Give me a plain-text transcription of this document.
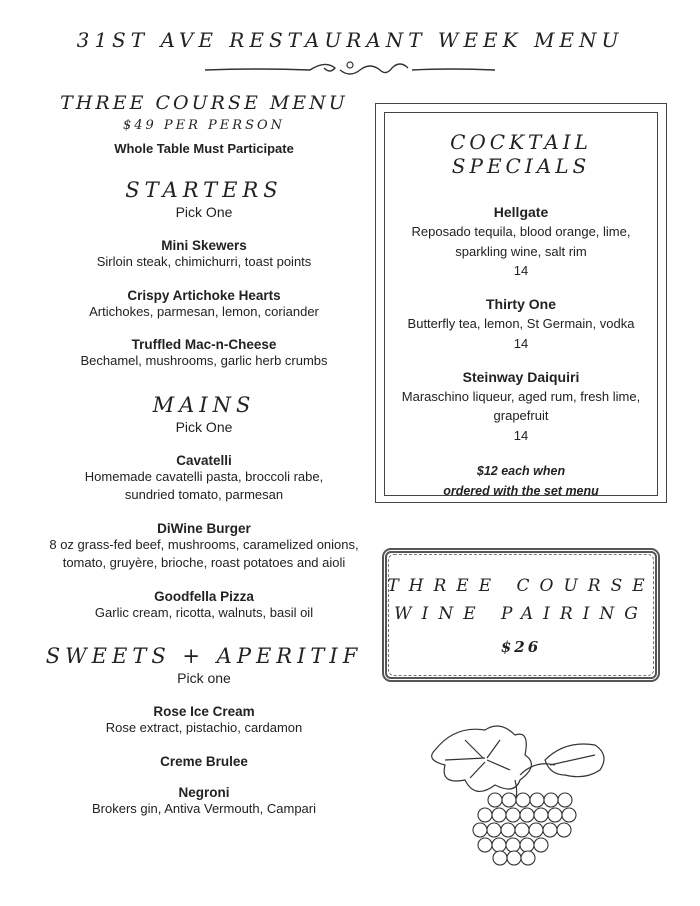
31ST AVE RESTAURANT WEEK MENU
THREE COURSE MENU
$49 PER PERSON
Whole Table Must Participate
STARTERS
Pick One
Mini Skewers
Sirloin steak, chimichurri, toast points
Crispy Artichoke Hearts
Artichokes, parmesan, lemon, coriander
Truffled Mac-n-Cheese
Bechamel, mushrooms, garlic herb crumbs
MAINS
Pick One
Cavatelli
Homemade cavatelli pasta, broccoli rabe,
sundried tomato, parmesan
DiWine Burger
8 oz grass-fed beef, mushrooms, caramelized onions,
tomato, gruyère, brioche, roast potatoes and aioli
Goodfella Pizza
Garlic cream, ricotta, walnuts, basil oil
SWEETS + APERITIF
Pick one
Rose Ice Cream
Rose extract, pistachio, cardamon
Creme Brulee
Negroni
Brokers gin, Antiva Vermouth, Campari
COCKTAIL SPECIALS
Hellgate
Reposado tequila, blood orange, lime,
sparkling wine, salt rim
14
Thirty One
Butterfly tea, lemon, St Germain, vodka
14
Steinway Daiquiri
Maraschino liqueur, aged rum, fresh lime,
grapefruit
14
$12 each when
ordered with the set menu
THREE COURSE
WINE PAIRING
$26
